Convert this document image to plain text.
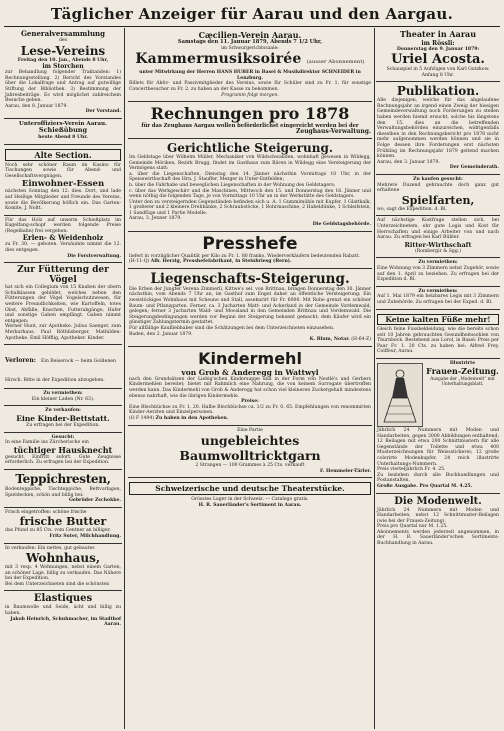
Täglicher Anzeiger für Aarau und den Aargau.
Generalversammlung
des
Lese-Vereins
Freitag den 10. Jan., Abends 8 Uhr,
im Storchen
zur Behandlung folgender Traktanden: 1) Rechnungsstellung. 2) Bericht des Vorstandes über die Lokalfrage und Antrag auf gutwillige Stiftung der Bibliothek. 3) Bestimmung der Jahresbeiträge. Es wird möglichst zahlreichem Besuche geben.
Aarau, den 8. Januar 1879.
Der Vorstand.
Unteroffiziers-Verein Aarau.
Schießübung
heute Abend 8 Uhr.
Alte Section.
Noch sehr schöner Raum im Kasino für Tischungen sowie für Abend- und Gesellschaftsvergnügen.
Einwohner-Essen
nächsten Sonntag den 12. dies. Dort, und lade auf Heißige Mitglieder und Freunde des Vereins, sowie die Bevölkerung höflich ein. Das Garten-Komite, J. Noltt.
Für das Holz auf unserm Schießplatz im Kugelfang-schopf werden folgende Preise (Regelbahn) frei vergeben:
Erlen- & Weidenholz
zu Fr. 30. — geboten. Versäumte nimmt die 12. dies entgegen.
Die Forstverwaltung.
Zur Fütterung der Vögel
hat sich ein Collegium von 15 Knaben der obern Schulklassen gebildet, welches neben den Fütterungen der Vögel Vogelschutzwesen, für weitere Freundlichkeiten, wie Kartoffeln, totes Obst, Abfälle, Knochen, Futterabgänge, Hafer und sonstige Gaben empfängt. Gaben nimmt entgegen:
Werner Hunt, zur Apotheke. Julius Saenger, zum Merkurhaus. Paul Röthlisberger, Mathilden-Apotheke. Emil Höfflig, Apotheker. Kinder.
Verloren: Ein Reiserock — beim Goldenen Hirsch. Bitte in der Expedition abzugeben.
Zu vermiethen:
Ein kleiner Laden (Nr. 63).
Zu verkaufen:
Eine Kinder-Bettstatt.
Zu erfragen bei der Expedition.
Gesucht:
In eine Familie ins Zürcherische ein
tüchtiger Hausknecht
gesucht. Eintritt sofort. Gute Zeugnisse erforderlich. Zu erfragen bei der Expedition.
Teppichresten,
Bodenteppiche, Tischteppiche, Bettvorlagen, Spieldecken, schön und billig bei:
Gebrüder Zschokke.
Frisch eingetroffen: schöne frische
frische Butter
das Pfund zu 85 Cts. vom Centner an billiger.
Fritz Suter, Milchhandlung.
In verkaufen: Ein nettes, gut gebautes
Wohnhaus,
mit 3 resp. 4 Wohnungen, nebst einem Garten, an schöner Lage, billig zu verkaufen. Das Nähere bei der Expedition.
Bei dem Unterzeichneten sind die schönsten
Elastiques
in Baumwolle und Seide, ächt und billig zu haben.
Jakob Heinrich, Schuhmacher, im Stadthof Aarau.
Cæcilien-Verein Aarau.
Samstags den 11. Januar 1879, Abends 7 1/2 Uhr,
im Schwurgerichtssaale:
Kammermusiksoirée (ausser Abonnement)
unter Mitwirkung der Herren HANS HUBER in Basel & Musikdirektor SCHNEIDER in Lenzburg.
Billets für Aktiv- und Passivmitglieder des Vereins, sowie für Schüler sind zu Fr. 1, für sonstige Concertbesucher zu Fr. 2. zu haben an der Kasse zu bekommen.
Programm folgt morgen.
Rechnungen pro 1878
für das Zeughaus Aargau wollen beförderlichst eingereicht werden bei der
Zeughaus-Verwaltung.
Gerichtliche Steigerung.
Im Geldstage über Wilhelm Müller, Mechaniker von Wildschwanden, wohnhaft gewesen in Wildegg, Gemeinde Möriken, Bezirk Brugg, findet im Gasthaus zum Bären in Wildegg eine Versteigerung der Vermögens statt:
a. über die Liegenschaften, Dienstag den 14. Jänner nächsthin Vormittags 10 Uhr, in der Speisewirthschaft des Hrn. J. Stauffer, Mezger in Unter-Entfelden;
b. über die Fahrhabe und beweglichen Liegenschaften in der Wohnung des Geldstagers;
c. über das Werkgeschirr und die Maschinen, Mittwoch den 15. und Donnerstag den 16. Jänner und wenn nöthig die folgenden Tage, je von Vormittags 10 Uhr an in der Werkstätte des Geldstagers.
Unter den zu versteigernden Gegenständen befinden sich u. A. 1 Gummimühle mit Kupfer, 1 Glattkalk, 1 großerer und 2 kleinere Drehbänke, 2 Schraubstöcke, 1 Bohrmaschine, 2 Habeldünke, 1 Schleifstein, 1 Sandfüge und 1 Partie Modelle.
Aarau, 3. Jenner 1879.
Die Geldstagsbehörde.
Presshefe
liefert in vorzüglicher Qualität per Kilo zu Fr. 1. 80 franko. Wiederverkäufern bedeutenden Rabatt.
(H-11-Q) Alb. Herzig, Presshefefabrikant, in Steinbriesg (Bern).
Liegenschafts-Steigerung.
Die Erben der Jungfer Verena Zimmerli, Kittwe's sel. von Brittnau, bringen Donnerstag den 30. Jänner nächsthin, vom Abends 7 Uhr an, im Gasthof zum Engel daher an öffentliche Versteigerung: Ein zweistöckiges Wohnhaus mit Scheune und Stall, assekurirt für Fr. 6000. Mit Ruhe grenzt ein schöner Baum- und Pflanzgarten. Ferner, ca. 3 Jucharten Matt- und Ackerland in der Gemeinde Vordemwald, gelegen; ferner 3 Jucharten Wald- und Moosland in den Gemeinden Brittnau und Vordemwald. Die Steigerungsbedingungen werden vor Beginn der Steigerung bekannt gemacht; dem Käufer wird ein günstiger Zahlungstermin gestattet.
Für allfällige Kaufliebhaber sind die Schätzungen bei dem Unterzeichneten einzusehen.
Baden, den 2. Januar 1879.
K. Blum, Notar. (H-64-Z)
Kindermehl
von Grob & Anderegg in Wattwyl
nach den Grundsätzen der Liebig'schen Kindersuppe und in der Form von Nestlé's und Gerbers Kindermehlen bereitet; bietet mit Rahmilch eine Nahrung, die von keinem Surrogate übertroffen werden kann. Das Kindermehl von Grob & Anderegg hat schon viel kleineren Zuckergehalt mindestens ebenso nahrhaft, wie die übrigen Kindermehle.
Preise:
Eine Blechbüchse zu Fr. 1. 20. Halbe Blechbüchse ca. 1/2 zu Fr. 0. 65. Empfehlungen von renommirten Kinder-Aerzten und Einzelpersonen.
(O F 1494) Zu haben in den Apotheken.
Eine Partie
ungebleichtes Baumwolltricktgarn
2 Strangen — 100 Grammes à 25 Cts. verkauft
F. Hemmeler-Tärler.
Schweizerische und deutsche Theaterstücke.
Grösstes Lager in der Schweiz. — Catalogo gratis.
H. R. Sauerländer's Sortiment in Aarau.
Theater in Aarau
im Rössli:
Donnerstag den 9. Januar 1879:
Uriel Acosta.
Schauspiel in 5 Aufzügen von Karl Gutzkow.
Anfang 8 Uhr.
Publikation.
Alle diejenigen, welche für das abgelaufene Rechnungsjahr an irgend einen Zweig der hiesigen Gemeindeverwaltung noch Forderungen zu stellen haben werden hiemit ersucht, solche bis längstens den 15. dies an die betreffenden Verwaltungsbehörden einzureichen, widrigenfalls dieselben in den Rechnungsbericht pro 1878 nicht mehr aufgenommen werden können und sie in Folge dessen ihre Forderungen erst nächsten Frühling im Rechnungsjahr 1879 geltend machen können.
Aarau, den 3. Januar 1879.
Der Gemeinderath.
Zu kaufen gesucht:
Mehrere Duzend gebrauchte doch ganz gut erhaltene
Spielfarten,
wo, sagt die Expedition. d. Bl.
Auf nächstige Kostfrage stellen sich, bei Unterzeichnetem, ehr gute Logis und Kost für Herrschaften und einige Arbeiter von und nach Aarau. Zu erfragen bei Karl Bühler.
Ritter-Wirthschaft
(Rombergir & Sgg.)
Zu vermiethen:
Eine Wohnung von 3 Zimmern nebst Zugehör, sowie auf den 1. April zu beziehen. Zu erfragen bei der Expedition d. Bl.
Zu vermiethen:
Auf 1. Mai 1879 ein heizbares Logis mit 3 Zimmern und Zubehörde. Zu erfragen bei der Exped. d. Bl.
Keine kalten Füße mehr!
Gleich feine Fussbekleidung, wie die bereits schon seit 10 Jahren gebrauchten Gesundheitssohlen von Thurnbeck. Bestehend aus Lorol, in Basel: Preis per Paar Fr. 1. 20 Cts. zu haben bei: Alfred Frey, Coiffeur, Aarau.
Illustrirte
Frauen-Zeitung.
Ausgabe der „Modenwelt“ mit Unterhaltungsblatt.
Jährlich 24 Nummern mit Moden und Handarbeiten, gegen 2000 Abbildungen enthaltend; 12 Beilagen mit etwa 200 Schnittmustern für alle Gegenstände der Toilette und etwa 400 Musterzeichnungen für Weissstickerei; 12 große colorirte Modenkupfer, 24 reich illustrirte Unterhaltungs-Nummern.
Preis vierteljährlich Fr. 4. 25.
Zu beziehen durch alle Buchhandlungen und Postanstalten.
Große Ausgabe. Pro Quartal M. 4.25.
Die Modenwelt.
Jährlich 24 Nummern mit Moden und Handarbeiten, nebst 12 Schnittmuster-Beilagen (wie bei der Frauen-Zeitung).
Preis pro Quartal nur M. 1.25.
Abonnements werden jederzeit angenommen, in der H. R. Sauerländer'schen Sortiments-Buchhandlung in Aarau.
